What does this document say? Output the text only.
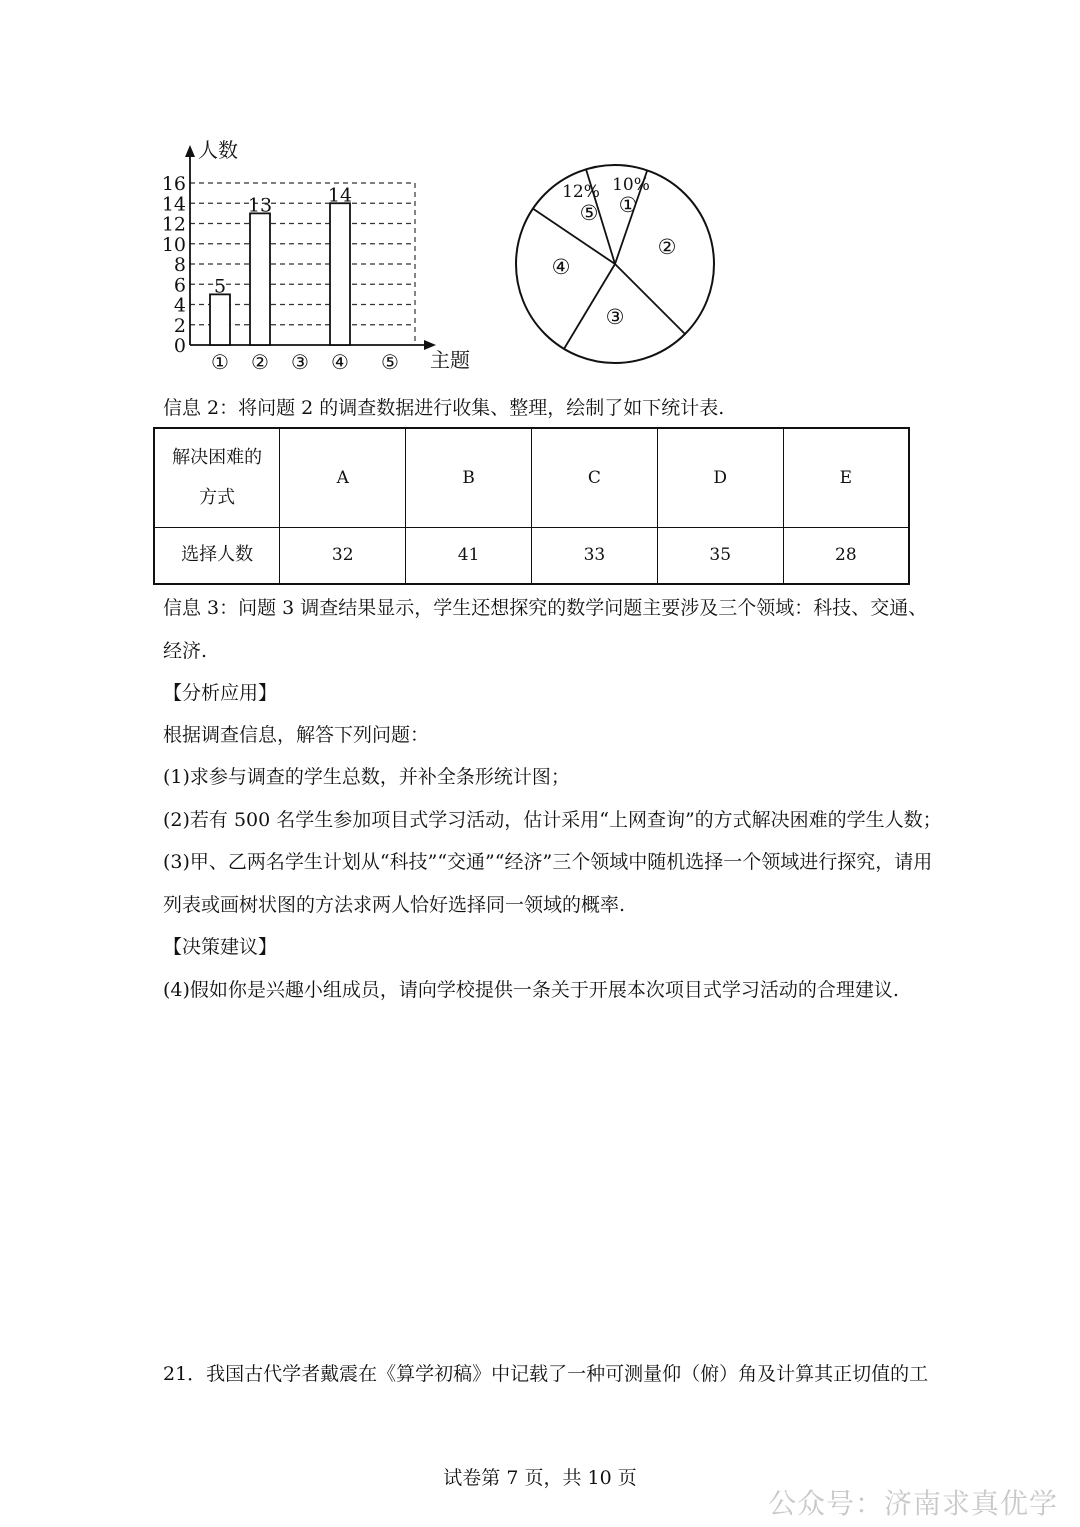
16
14
12
10
8
6
4
2
0
5
13	14
① ② ③ ④ ⑤
人数
主题
①
②
③
④
⑤
10%
12%
信息 2：将问题 2 的调查数据进行收集、整理，绘制了如下统计表.
解决困难的
方式	A	B	C	D	E
选择人数	32	41	33	35	28
信息 3：问题 3 调查结果显示，学生还想探究的数学问题主要涉及三个领域：科技、交通、
经济.
【分析应用】
根据调查信息，解答下列问题：
(1)求参与调查的学生总数，并补全条形统计图；
(2)若有 500 名学生参加项目式学习活动，估计采用“上网查询”的方式解决困难的学生人数；
(3)甲、乙两名学生计划从“科技”“交通”“经济”三个领域中随机选择一个领域进行探究，请用
列表或画树状图的方法求两人恰好选择同一领域的概率.
【决策建议】
(4)假如你是兴趣小组成员，请向学校提供一条关于开展本次项目式学习活动的合理建议.
21．我国古代学者戴震在《算学初稿》中记载了一种可测量仰（俯）角及计算其正切值的工
试卷第 7 页，共 10 页
公众号：济南求真优学
